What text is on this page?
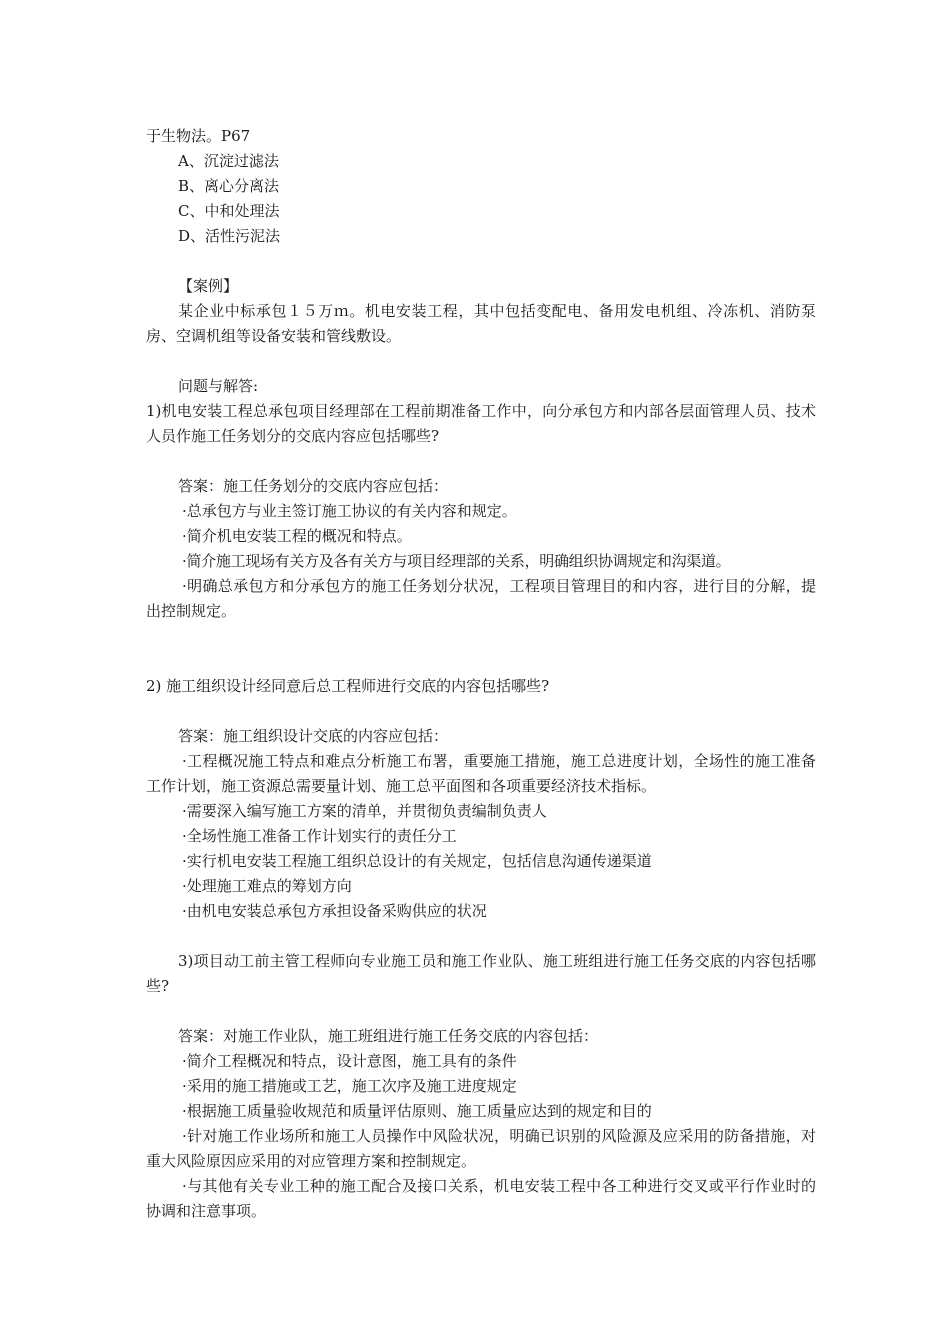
于生物法。P67
A、沉淀过滤法
B、离心分离法
C、中和处理法
D、活性污泥法
【案例】

某企业中标承包１５万ｍ。机电安装工程，其中包括变配电、备用发电机组、冷冻机、消防泵房、空调机组等设备安装和管线敷设。

问题与解答:

1)机电安装工程总承包项目经理部在工程前期准备工作中，向分承包方和内部各层面管理人员、技术人员作施工任务划分的交底内容应包括哪些?

答案：施工任务划分的交底内容应包括：

·总承包方与业主签订施工协议的有关内容和规定。

·简介机电安装工程的概况和特点。

·简介施工现场有关方及各有关方与项目经理部的关系，明确组织协调规定和沟渠道。

·明确总承包方和分承包方的施工任务划分状况，工程项目管理目的和内容，进行目的分解，提出控制规定。

2) 施工组织设计经同意后总工程师进行交底的内容包括哪些?

答案：施工组织设计交底的内容应包括：

·工程概况施工特点和难点分析施工布署，重要施工措施，施工总进度计划，全场性的施工准备工作计划，施工资源总需要量计划、施工总平面图和各项重要经济技术指标。

·需要深入编写施工方案的清单，并贯彻负责编制负责人

·全场性施工准备工作计划实行的责任分工

·实行机电安装工程施工组织总设计的有关规定，包括信息沟通传递渠道

·处理施工难点的筹划方向

·由机电安装总承包方承担设备采购供应的状况

3)项目动工前主管工程师向专业施工员和施工作业队、施工班组进行施工任务交底的内容包括哪些?

答案：对施工作业队，施工班组进行施工任务交底的内容包括：

·简介工程概况和特点，设计意图，施工具有的条件

·采用的施工措施或工艺，施工次序及施工进度规定

·根据施工质量验收规范和质量评估原则、施工质量应达到的规定和目的

·针对施工作业场所和施工人员操作中风险状况，明确已识别的风险源及应采用的防备措施，对重大风险原因应采用的对应管理方案和控制规定。

·与其他有关专业工种的施工配合及接口关系，机电安装工程中各工种进行交叉或平行作业时的协调和注意事项。
